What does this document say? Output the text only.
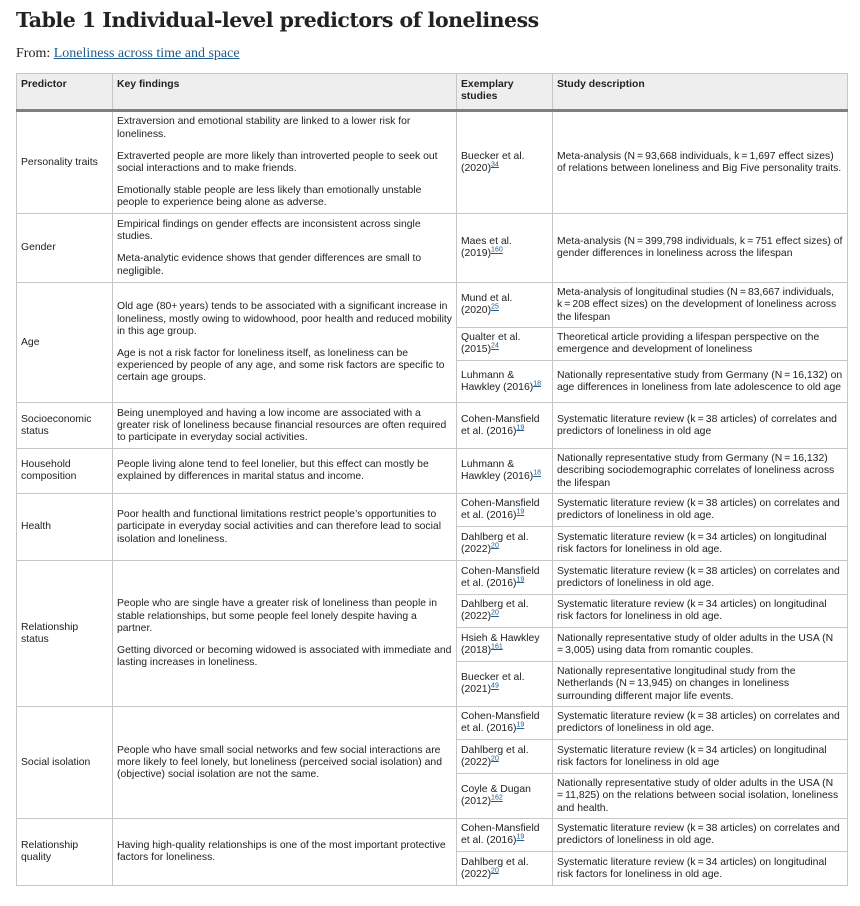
Table 1 Individual-level predictors of loneliness
From: Loneliness across time and space
Predictor	Key findings	Exemplary studies	Study description
Personality traits	Extraversion and emotional stability are linked to a lower risk for loneliness.

Extraverted people are more likely than introverted people to seek out social interactions and to make friends.

Emotionally stable people are less likely than emotionally unstable people to experience being alone as adverse.	Buecker et al. (2020)$^{34}$	Meta-analysis (N = 93,668 individuals, k = 1,697 effect sizes) of relations between loneliness and Big Five personality traits.
Gender	Empirical findings on gender effects are inconsistent across single studies.

Meta-analytic evidence shows that gender differences are small to negligible.	Maes et al. (2019)$^{160}$	Meta-analysis (N = 399,798 individuals, k = 751 effect sizes) of gender differences in loneliness across the lifespan
Age	Old age (80+ years) tends to be associated with a significant increase in loneliness, mostly owing to widowhood, poor health and reduced mobility in this age group.

Age is not a risk factor for loneliness itself, as loneliness can be experienced by people of any age, and some risk factors are specific to certain age groups.	Mund et al. (2020)$^{25}$	Meta-analysis of longitudinal studies (N = 83,667 individuals, k = 208 effect sizes) on the development of loneliness across the lifespan
		Qualter et al. (2015)$^{24}$	Theoretical article providing a lifespan perspective on the emergence and development of loneliness
		Luhmann & Hawkley (2016)$^{18}$	Nationally representative study from Germany (N = 16,132) on age differences in loneliness from late adolescence to old age
Socioeconomic status	Being unemployed and having a low income are associated with a greater risk of loneliness because financial resources are often required to participate in everyday social activities.	Cohen-Mansfield et al. (2016)$^{19}$	Systematic literature review (k = 38 articles) of correlates and predictors of loneliness in old age
Household composition	People living alone tend to feel lonelier, but this effect can mostly be explained by differences in marital status and income.	Luhmann & Hawkley (2016)$^{18}$	Nationally representative study from Germany (N = 16,132) describing sociodemographic correlates of loneliness across the lifespan
Health	Poor health and functional limitations restrict people’s opportunities to participate in everyday social activities and can therefore lead to social isolation and loneliness.	Cohen-Mansfield et al. (2016)$^{19}$	Systematic literature review (k = 38 articles) on correlates and predictors of loneliness in old age.
		Dahlberg et al. (2022)$^{20}$	Systematic literature review (k = 34 articles) on longitudinal risk factors for loneliness in old age.
Relationship status	People who are single have a greater risk of loneliness than people in stable relationships, but some people feel lonely despite having a partner.

Getting divorced or becoming widowed is associated with immediate and lasting increases in loneliness.	Cohen-Mansfield et al. (2016)$^{19}$	Systematic literature review (k = 38 articles) on correlates and predictors of loneliness in old age.
		Dahlberg et al. (2022)$^{20}$	Systematic literature review (k = 34 articles) on longitudinal risk factors for loneliness in old age.
		Hsieh & Hawkley (2018)$^{161}$	Nationally representative study of older adults in the USA (N = 3,005) using data from romantic couples.
		Buecker et al. (2021)$^{49}$	Nationally representative longitudinal study from the Netherlands (N = 13,945) on changes in loneliness surrounding different major life events.
Social isolation	People who have small social networks and few social interactions are more likely to feel lonely, but loneliness (perceived social isolation) and (objective) social isolation are not the same.	Cohen-Mansfield et al. (2016)$^{19}$	Systematic literature review (k = 38 articles) on correlates and predictors of loneliness in old age.
		Dahlberg et al. (2022)$^{20}$	Systematic literature review (k = 34 articles) on longitudinal risk factors for loneliness in old age
		Coyle & Dugan (2012)$^{162}$	Nationally representative study of older adults in the USA (N = 11,825) on the relations between social isolation, loneliness and health.
Relationship quality	Having high-quality relationships is one of the most important protective factors for loneliness.	Cohen-Mansfield et al. (2016)$^{19}$	Systematic literature review (k = 38 articles) on correlates and predictors of loneliness in old age.
		Dahlberg et al. (2022)$^{20}$	Systematic literature review (k = 34 articles) on longitudinal risk factors for loneliness in old age.
